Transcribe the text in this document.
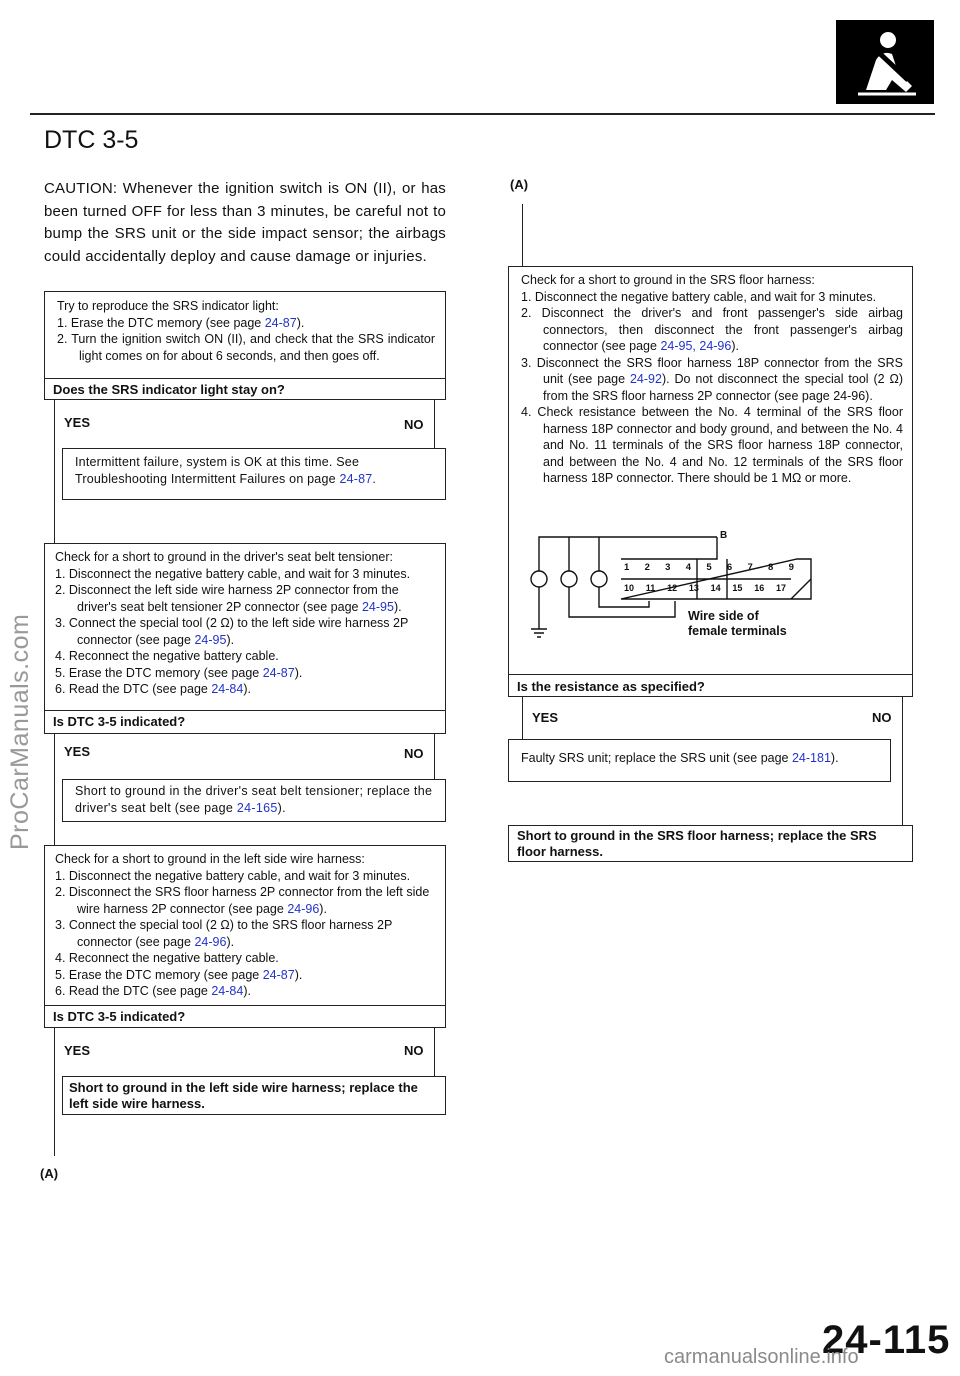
DTC 3-5
CAUTION: Whenever the ignition switch is ON (II), or has been turned OFF for less than 3 minutes, be careful not to bump the SRS unit or the side impact sensor; the airbags could accidentally deploy and cause damage or injuries.
Try to reproduce the SRS indicator light:
1. Erase the DTC memory (see page 24-87).
2. Turn the ignition switch ON (II), and check that the SRS indicator light comes on for about 6 seconds, and then goes off.
Does the SRS indicator light stay on?
YES	NO
Intermittent failure, system is OK at this time. See Troubleshooting Intermittent Failures on page 24-87.
Check for a short to ground in the driver's seat belt tensioner:
1. Disconnect the negative battery cable, and wait for 3 minutes.
2. Disconnect the left side wire harness 2P connector from the driver's seat belt tensioner 2P connector (see page 24-95).
3. Connect the special tool (2 Ω) to the left side wire harness 2P connector (see page 24-95).
4. Reconnect the negative battery cable.
5. Erase the DTC memory (see page 24-87).
6. Read the DTC (see page 24-84).
Is DTC 3-5 indicated?
YES	NO
Short to ground in the driver's seat belt tensioner; replace the driver's seat belt (see page 24-165).
Check for a short to ground in the left side wire harness:
1. Disconnect the negative battery cable, and wait for 3 minutes.
2. Disconnect the SRS floor harness 2P connector from the left side wire harness 2P connector (see page 24-96).
3. Connect the special tool (2 Ω) to the SRS floor harness 2P connector (see page 24-96).
4. Reconnect the negative battery cable.
5. Erase the DTC memory (see page 24-87).
6. Read the DTC (see page 24-84).
Is DTC 3-5 indicated?
YES	NO
Short to ground in the left side wire harness; replace the left side wire harness.
(A)
(A)
Check for a short to ground in the SRS floor harness:
1. Disconnect the negative battery cable, and wait for 3 minutes.
2. Disconnect the driver's and front passenger's side airbag connectors, then disconnect the front passenger's airbag connector (see page 24-95, 24-96).
3. Disconnect the SRS floor harness 18P connector from the SRS unit (see page 24-92). Do not disconnect the special tool (2 Ω) from the SRS floor harness 2P connector (see page 24-96).
4. Check resistance between the No. 4 terminal of the SRS floor harness 18P connector and body ground, and between the No. 4 and No. 11 terminals of the SRS floor harness 18P connector, and between the No. 4 and No. 12 terminals of the SRS floor harness 18P connector. There should be 1 MΩ or more.
1 2 3 4 5 6 7 8 9
10 11 12 13 14 15 16 17
B
Wire side of
female terminals
Is the resistance as specified?
YES	NO
Faulty SRS unit; replace the SRS unit (see page 24-181).
Short to ground in the SRS floor harness; replace the SRS floor harness.
ProCarManuals.com
24-115
carmanualsonline.info
